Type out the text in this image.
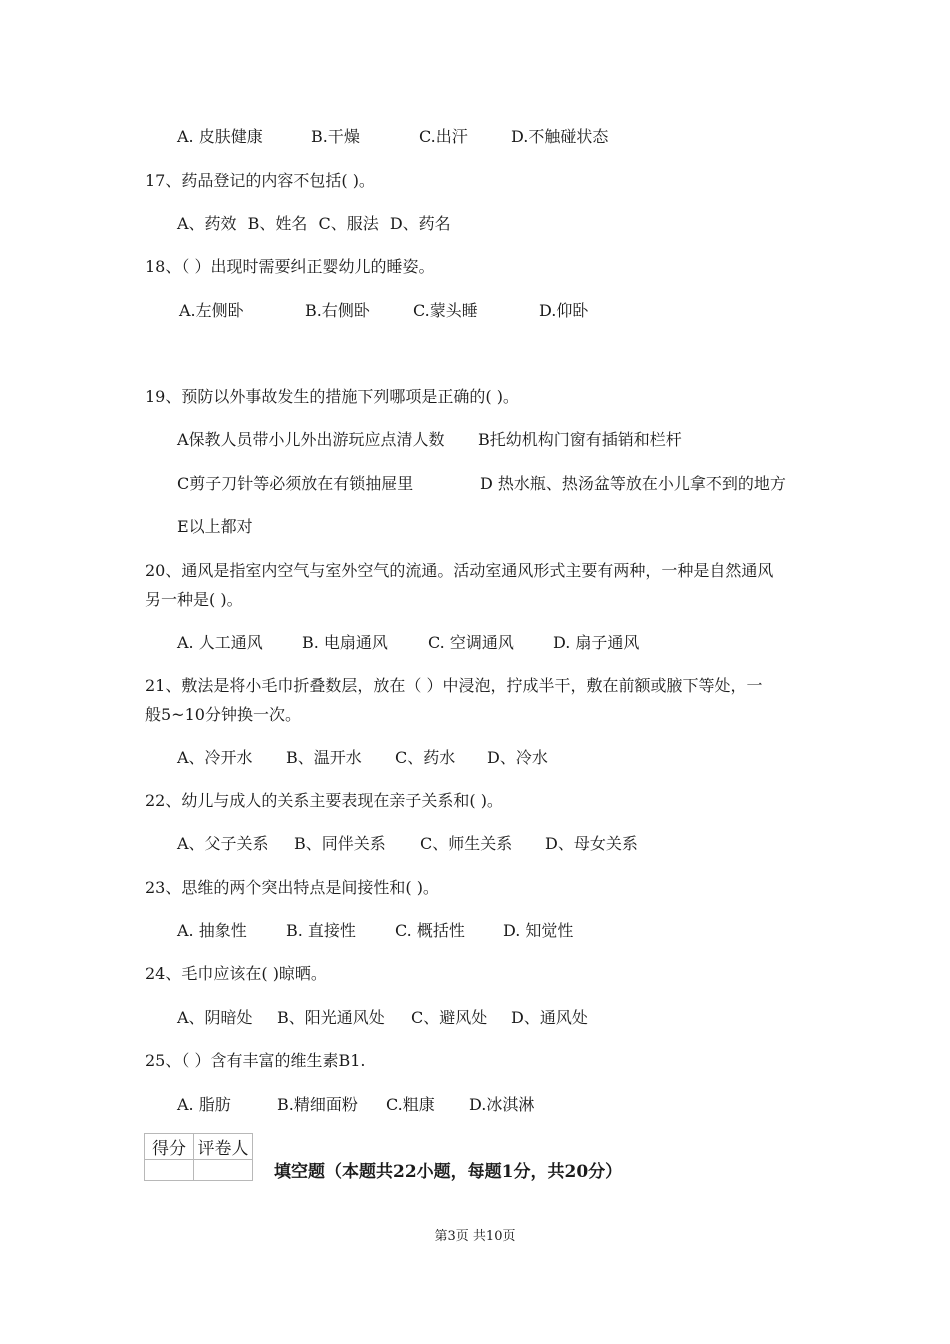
A. 皮肤健康	B.干燥	C.出汗	D.不触碰状态
17、药品登记的内容不包括( )。
A、药效 B、姓名 C、服法 D、药名
18、（ ）出现时需要纠正婴幼儿的睡姿。
A.左侧卧	B.右侧卧	C.蒙头睡	D.仰卧
19、预防以外事故发生的措施下列哪项是正确的( )。
A保教人员带小儿外出游玩应点清人数 B托幼机构门窗有插销和栏杆
C剪子刀针等必须放在有锁抽屉里	D 热水瓶、热汤盆等放在小儿拿不到的地方
E以上都对
20、通风是指室内空气与室外空气的流通。活动室通风形式主要有两种，一种是自然通风
另一种是( )。
A. 人工通风 B. 电扇通风	C. 空调通风 D. 扇子通风
21、敷法是将小毛巾折叠数层，放在（ ）中浸泡，拧成半干，敷在前额或腋下等处，一
般5~10分钟换一次。
A、冷开水 B、温开水 C、药水 D、冷水
22、幼儿与成人的关系主要表现在亲子关系和( )。
A、父子关系 B、同伴关系 C、师生关系 D、母女关系
23、思维的两个突出特点是间接性和( )。
A. 抽象性 B. 直接性 C. 概括性 D. 知觉性
24、毛巾应该在( )晾晒。
A、阴暗处 B、阳光通风处 C、避风处 D、通风处
25、（ ）含有丰富的维生素B1.
A. 脂肪	B.精细面粉 C.粗康 D.冰淇淋
得分	评卷人

填空题（本题共22小题，每题1分，共20分）
第3页 共10页
